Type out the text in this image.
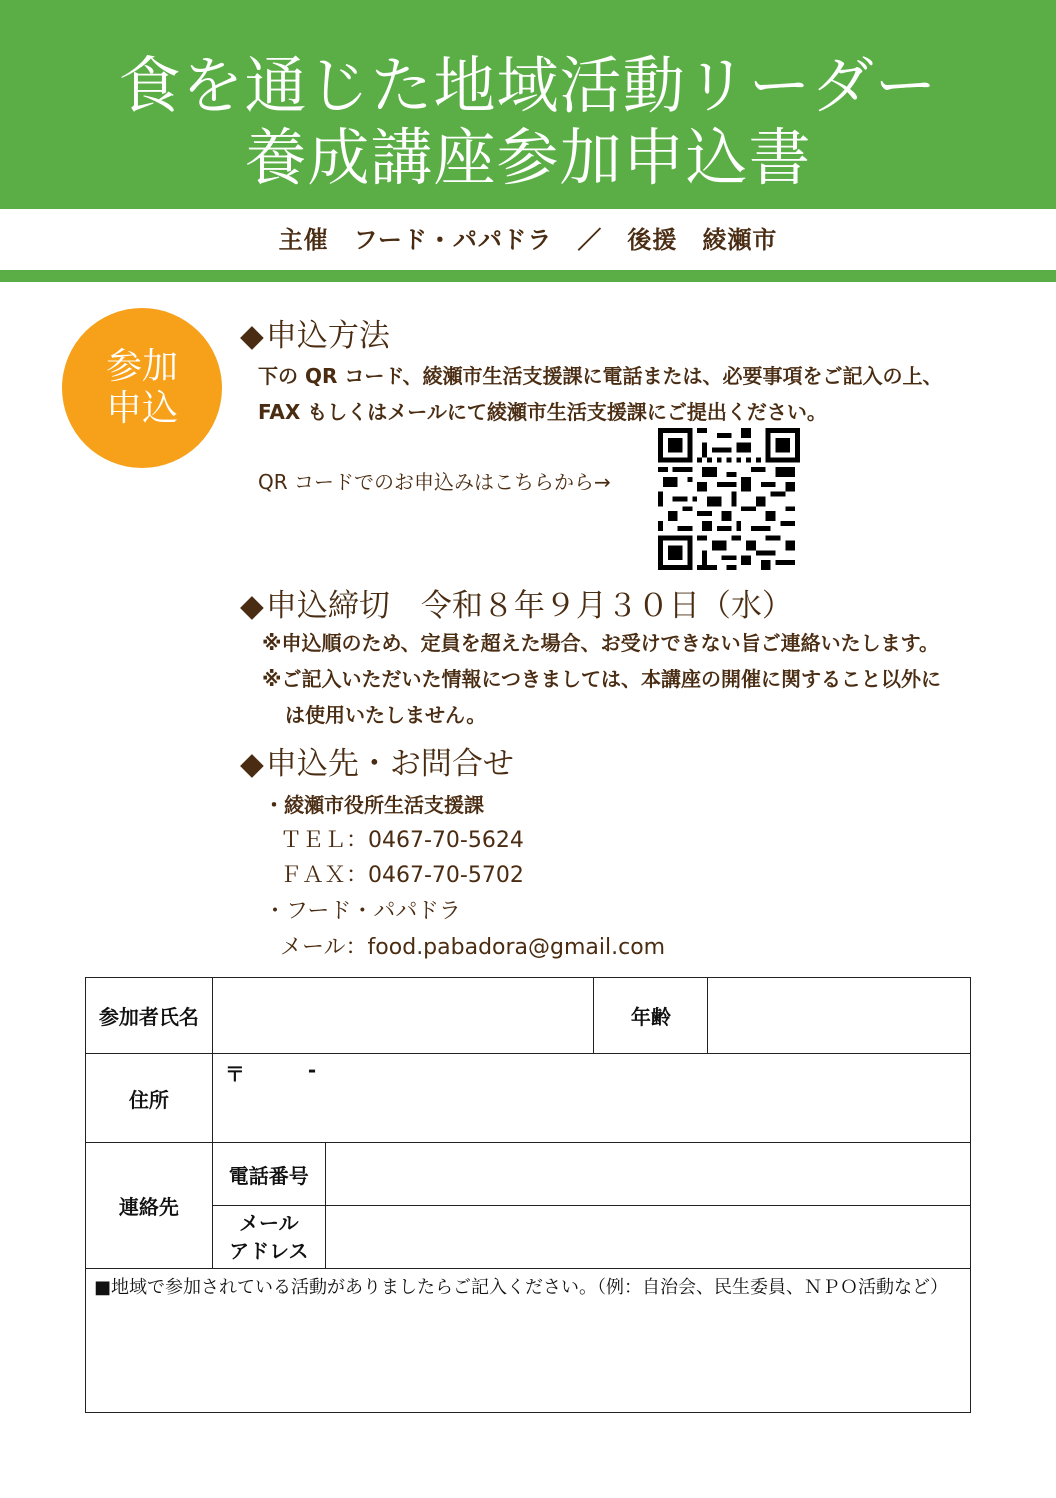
食を通じた地域活動リーダー
養成講座参加申込書
主催　フード・パパドラ　／　後援　綾瀬市
参加
申込
◆申込方法
下の QR コード、綾瀬市生活支援課に電話または、必要事項をご記入の上、
FAX もしくはメールにて綾瀬市生活支援課にご提出ください。
QR コードでのお申込みはこちらから→
◆申込締切　令和８年９月３０日（水）
※申込順のため、定員を超えた場合、お受けできない旨ご連絡いたします。
※ご記入いただいた情報につきましては、本講座の開催に関すること以外に
は使用いたしません。
◆申込先・お問合せ
・綾瀬市役所生活支援課
ＴＥＬ：0467-70-5624
ＦＡＸ：0467-70-5702
・フード・パパドラ
メール：food.pabadora@gmail.com
参加者氏名			年齢	
住所	〒 -			

連絡先	電話番号			

	メール
アドレス			

■地域で参加されている活動がありましたらご記入ください。（例：自治会、民生委員、ＮＰＯ活動など）				
